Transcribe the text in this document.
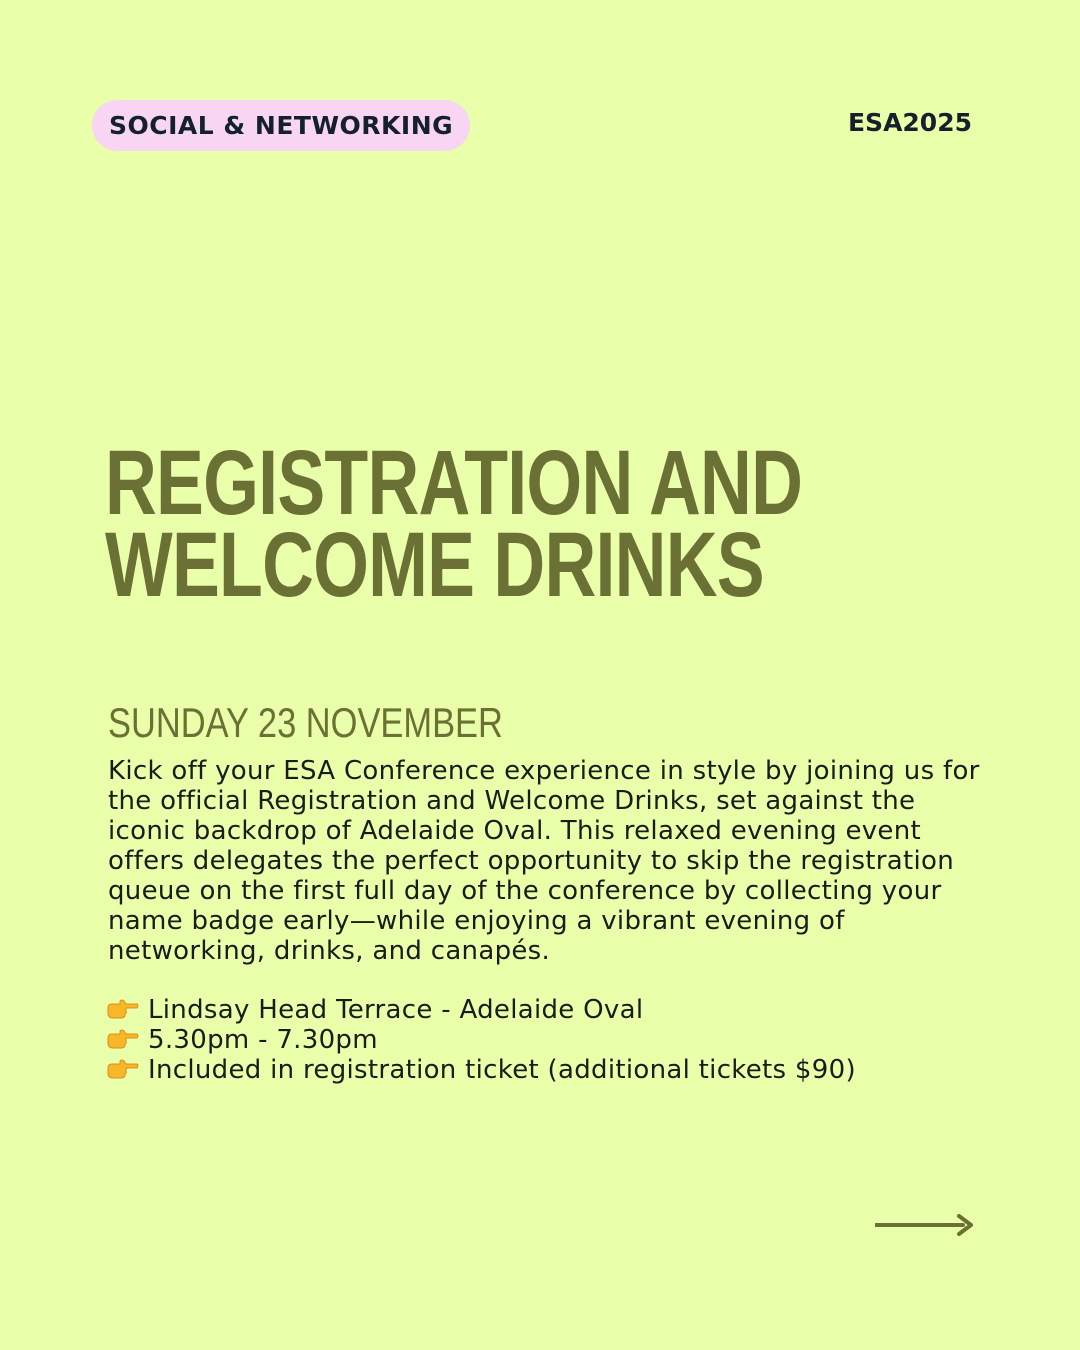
SOCIAL & NETWORKING	ESA2025
REGISTRATION AND
WELCOME DRINKS
SUNDAY 23 NOVEMBER

Kick off your ESA Conference experience in style by joining us for the official Registration and Welcome Drinks, set against the iconic backdrop of Adelaide Oval. This relaxed evening event offers delegates the perfect opportunity to skip the registration queue on the first full day of the conference by collecting your name badge early—while enjoying a vibrant evening of networking, drinks, and canapés.

Lindsay Head Terrace - Adelaide Oval
5.30pm - 7.30pm
Included in registration ticket (additional tickets $90)
